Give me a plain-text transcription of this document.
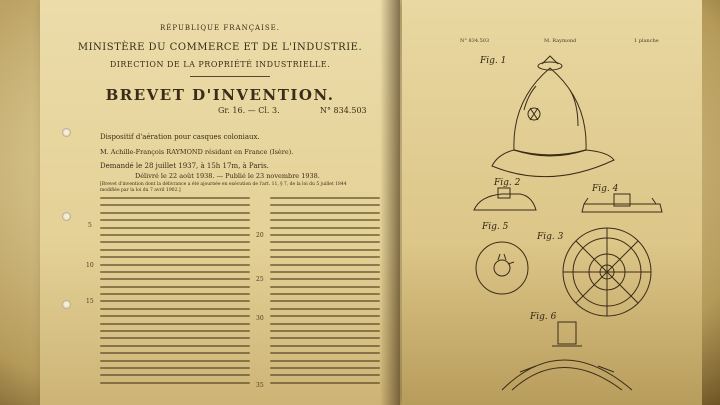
RÉPUBLIQUE FRANÇAISE.
MINISTÈRE DU COMMERCE ET DE L'INDUSTRIE.
DIRECTION DE LA PROPRIÉTÉ INDUSTRIELLE.
BREVET D'INVENTION.
Gr. 16. — Cl. 3.	N° 834.503
Dispositif d'aération pour casques coloniaux.
M. Achille-François RAYMOND résidant en France (Isère).
Demandé le 28 juillet 1937, à 15h 17m, à Paris.
Délivré le 22 août 1938. — Publié le 23 novembre 1938.
[Brevet d'invention dont la délivrance a été ajournée en exécution de l'art. 11, § 7, de la loi du 5 juillet 1844 modifiée par la loi du 7 avril 1902.]
5
10
15
20
25
30
35
N° 834.503	M. Raymond	1 planche
Fig. 1
Fig. 2
Fig. 3
Fig. 4
Fig. 5
Fig. 6
